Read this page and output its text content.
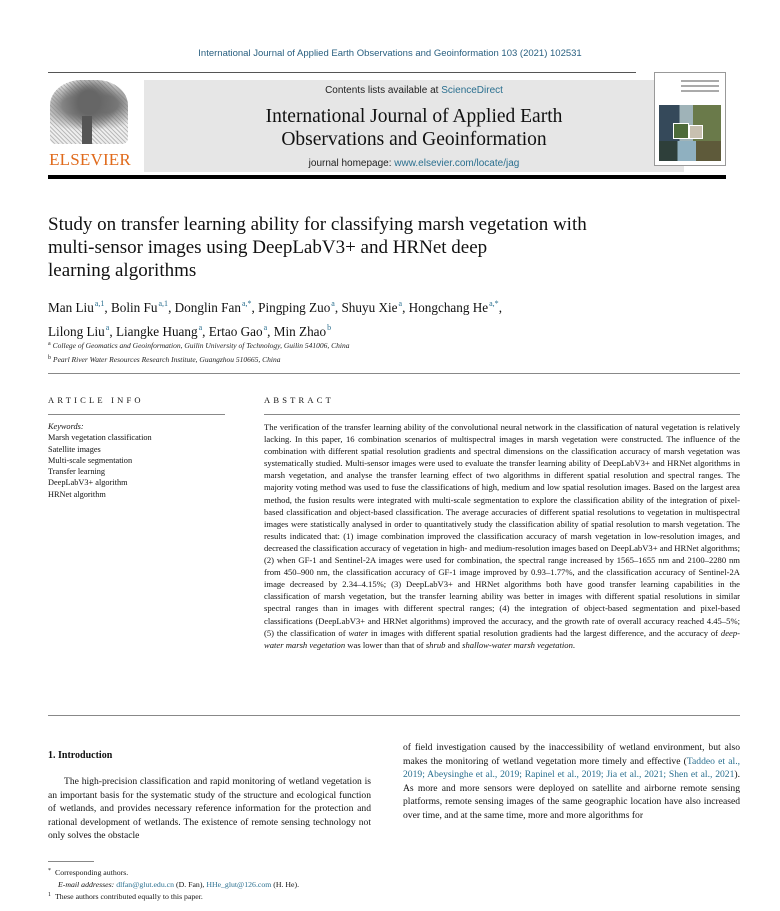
International Journal of Applied Earth Observations and Geoinformation 103 (2021) 102531
ELSEVIER
Contents lists available at ScienceDirect
International Journal of Applied Earth
Observations and Geoinformation
journal homepage: www.elsevier.com/locate/jag
Study on transfer learning ability for classifying marsh vegetation with
multi-sensor images using DeepLabV3+ and HRNet deep
learning algorithms
Man Liu$^{a,1}$, Bolin Fu$^{a,1}$, Donglin Fan$^{a,*}$, Pingping Zuo$^a$, Shuyu Xie$^a$, Hongchang $He^{a,*}$,
Lilong Liu$^a$, Liangke Huang$^a$, Ertao Gao$^a$, Min Zhao$^b$
$^a$ College of Geomatics and Geoinformation, Guilin University of Technology, Guilin 541006, China
$^b$ Pearl River Water Resources Research Institute, Guangzhou 510665, China
ARTICLE INFO	ABSTRACT
Keywords:
Marsh vegetation classification
Satellite images
Multi-scale segmentation
Transfer learning
DeepLabV3+ algorithm
HRNet algorithm
The verification of the transfer learning ability of the convolutional neural network in the classification of natural vegetation is relatively lacking. In this paper, 16 combination scenarios of multispectral images in marsh vegetation were constructed. The influence of the combination with different spatial resolution gradients and spectral dimensions on the classification accuracy of marsh vegetation was systematically studied. Multi-sensor images were used to evaluate the transfer learning ability of DeepLabV3+ and HRNet algorithms in marsh vegetation, and analyse the transfer learning effect of two algorithms in different spatial resolution and spectral ranges. The majority voting method was used to fuse the classifications of high, medium and low spatial resolution images. Based on the largest area method, the fusion results were integrated with multi-scale segmentation to explore the classification ability of the integration of pixel-based classification and object-based classification. The average accuracies of different spatial resolutions to vegetation in multispectral images were statistically analysed in order to quantitatively study the classification ability of spatial resolution to marsh vegetation. The results indicated that: (1) image combination improved the classification accuracy of marsh vegetation in low-resolution images, and decreased the classification accuracy of vegetation in high- and medium-resolution images based on DeepLabV3+ and HRNet algorithms; (2) when GF-1 and Sentinel-2A images were used for combination, the spectral range increased by 1565–1655 nm and 2100–2280 nm from 450–900 nm, the classification accuracy of GF-1 image improved by 0.93–1.77%, and the classification accuracy of Sentinel-2A image decreased by 2.34–4.15%; (3) DeepLabV3+ and HRNet algorithms both have good transfer learning capabilities in the classification of marsh vegetation, but the transfer learning ability was better in images with different spatial resolutions in similar spectral ranges than in images with different spectral ranges; (4) the integration of object-based segmentation and pixel-based classifications (DeepLabV3+ and HRNet algorithms) improved the accuracy, and the growth rate of overall accuracy reached 4.45–5%; (5) the classification of water in images with different spatial resolution gradients had the largest difference, and the accuracy of deep-water marsh vegetation was lower than that of shrub and shallow-water marsh vegetation.
1. Introduction
The high-precision classification and rapid monitoring of wetland vegetation is an important basis for the systematic study of the structure and ecological function of wetlands, and provides necessary reference information for the protection and rational development of wetlands. The existence of remote sensing technology not only solves the obstacle
of field investigation caused by the inaccessibility of wetland environment, but also makes the monitoring of wetland vegetation more timely and effective (Taddeo et al., 2019; Abeysinghe et al., 2019; Rapinel et al., 2019; Jia et al., 2021; Shen et al., 2021). As more and more sensors were deployed on satellite and airborne remote sensing platforms, remote sensing images of the same geographic location have also increased over time, and at the same time, more and more algorithms for
* Corresponding authors.
E-mail addresses: dlfan@glut.edu.cn (D. Fan), HHe_glut@126.com (H. He).
$^1$ These authors contributed equally to this paper.
